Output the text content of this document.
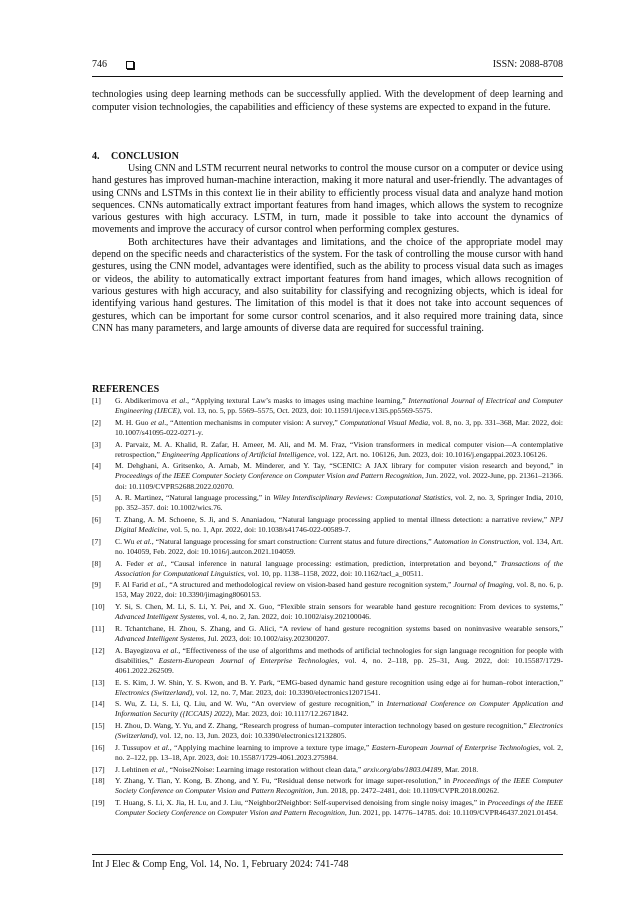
746	ISSN: 2088-8708

technologies using deep learning methods can be successfully applied. With the development of deep learning and computer vision technologies, the capabilities and efficiency of these systems are expected to expand in the future.

4. CONCLUSION

Using CNN and LSTM recurrent neural networks to control the mouse cursor on a computer or device using hand gestures has improved human-machine interaction, making it more natural and user-friendly. The advantages of using CNNs and LSTMs in this context lie in their ability to efficiently process visual data and analyze hand motion sequences. CNNs automatically extract important features from hand images, which allows the system to recognize various gestures with high accuracy. LSTM, in turn, made it possible to take into account the dynamics of movements and improve the accuracy of cursor control when performing complex gestures.

Both architectures have their advantages and limitations, and the choice of the appropriate model may depend on the specific needs and characteristics of the system. For the task of controlling the mouse cursor with hand gestures, using the CNN model, advantages were identified, such as the ability to process visual data such as images or videos, the ability to automatically extract important features from hand images, which allows recognition of various gestures with high accuracy, and also suitability for classifying and recognizing objects, which is ideal for identifying various hand gestures. The limitation of this model is that it does not take into account sequences of gestures, which can be important for some cursor control scenarios, and it also required more training data, since CNN has many parameters, and large amounts of diverse data are required for successful training.

REFERENCES

[1] G. Abdikerimova et al., “Applying textural Law’s masks to images using machine learning,” International Journal of Electrical and Computer Engineering (IJECE), vol. 13, no. 5, pp. 5569–5575, Oct. 2023, doi: 10.11591/ijece.v13i5.pp5569-5575.

[2] M. H. Guo et al., “Attention mechanisms in computer vision: A survey,” Computational Visual Media, vol. 8, no. 3, pp. 331–368, Mar. 2022, doi: 10.1007/s41095-022-0271-y.

[3] A. Parvaiz, M. A. Khalid, R. Zafar, H. Ameer, M. Ali, and M. M. Fraz, “Vision transformers in medical computer vision—A contemplative retrospection,” Engineering Applications of Artificial Intelligence, vol. 122, Art. no. 106126, Jun. 2023, doi: 10.1016/j.engappai.2023.106126.

[4] M. Dehghani, A. Gritsenko, A. Arnab, M. Minderer, and Y. Tay, “SCENIC: A JAX library for computer vision research and beyond,” in Proceedings of the IEEE Computer Society Conference on Computer Vision and Pattern Recognition, Jun. 2022, vol. 2022-June, pp. 21361–21366. doi: 10.1109/CVPR52688.2022.02070.

[5] A. R. Martinez, “Natural language processing,” in Wiley Interdisciplinary Reviews: Computational Statistics, vol. 2, no. 3, Springer India, 2010, pp. 352–357. doi: 10.1002/wics.76.

[6] T. Zhang, A. M. Schoene, S. Ji, and S. Ananiadou, “Natural language processing applied to mental illness detection: a narrative review,” NPJ Digital Medicine, vol. 5, no. 1, Apr. 2022, doi: 10.1038/s41746-022-00589-7.

[7] C. Wu et al., “Natural language processing for smart construction: Current status and future directions,” Automation in Construction, vol. 134, Art. no. 104059, Feb. 2022, doi: 10.1016/j.autcon.2021.104059.

[8] A. Feder et al., “Causal inference in natural language processing: estimation, prediction, interpretation and beyond,” Transactions of the Association for Computational Linguistics, vol. 10, pp. 1138–1158, 2022, doi: 10.1162/tacl_a_00511.

[9] F. Al Farid et al., “A structured and methodological review on vision-based hand gesture recognition system,” Journal of Imaging, vol. 8, no. 6, p. 153, May 2022, doi: 10.3390/jimaging8060153.

[10] Y. Si, S. Chen, M. Li, S. Li, Y. Pei, and X. Guo, “Flexible strain sensors for wearable hand gesture recognition: From devices to systems,” Advanced Intelligent Systems, vol. 4, no. 2, Jan. 2022, doi: 10.1002/aisy.202100046.

[11] R. Tchantchane, H. Zhou, S. Zhang, and G. Alici, “A review of hand gesture recognition systems based on noninvasive wearable sensors,” Advanced Intelligent Systems, Jul. 2023, doi: 10.1002/aisy.202300207.

[12] A. Bayegizova et al., “Effectiveness of the use of algorithms and methods of artificial technologies for sign language recognition for people with disabilities,” Eastern-European Journal of Enterprise Technologies, vol. 4, no. 2–118, pp. 25–31, Aug. 2022, doi: 10.15587/1729-4061.2022.262509.

[13] E. S. Kim, J. W. Shin, Y. S. Kwon, and B. Y. Park, “EMG-based dynamic hand gesture recognition using edge ai for human–robot interaction,” Electronics (Switzerland), vol. 12, no. 7, Mar. 2023, doi: 10.3390/electronics12071541.

[14] S. Wu, Z. Li, S. Li, Q. Liu, and W. Wu, “An overview of gesture recognition,” in International Conference on Computer Application and Information Security ({ICCAIS} 2022), Mar. 2023, doi: 10.1117/12.2671842.

[15] H. Zhou, D. Wang, Y. Yu, and Z. Zhang, “Research progress of human–computer interaction technology based on gesture recognition,” Electronics (Switzerland), vol. 12, no. 13, Jun. 2023, doi: 10.3390/electronics12132805.

[16] J. Tussupov et al., “Applying machine learning to improve a texture type image,” Eastern-European Journal of Enterprise Technologies, vol. 2, no. 2–122, pp. 13–18, Apr. 2023, doi: 10.15587/1729-4061.2023.275984.

[17] J. Lehtinen et al., “Noise2Noise: Learning image restoration without clean data,” arxiv.org/abs/1803.04189, Mar. 2018.

[18] Y. Zhang, Y. Tian, Y. Kong, B. Zhong, and Y. Fu, “Residual dense network for image super-resolution,” in Proceedings of the IEEE Computer Society Conference on Computer Vision and Pattern Recognition, Jun. 2018, pp. 2472–2481, doi: 10.1109/CVPR.2018.00262.

[19] T. Huang, S. Li, X. Jia, H. Lu, and J. Liu, “Neighbor2Neighbor: Self-supervised denoising from single noisy images,” in Proceedings of the IEEE Computer Society Conference on Computer Vision and Pattern Recognition, Jun. 2021, pp. 14776–14785. doi: 10.1109/CVPR46437.2021.01454.

Int J Elec & Comp Eng, Vol. 14, No. 1, February 2024: 741-748
